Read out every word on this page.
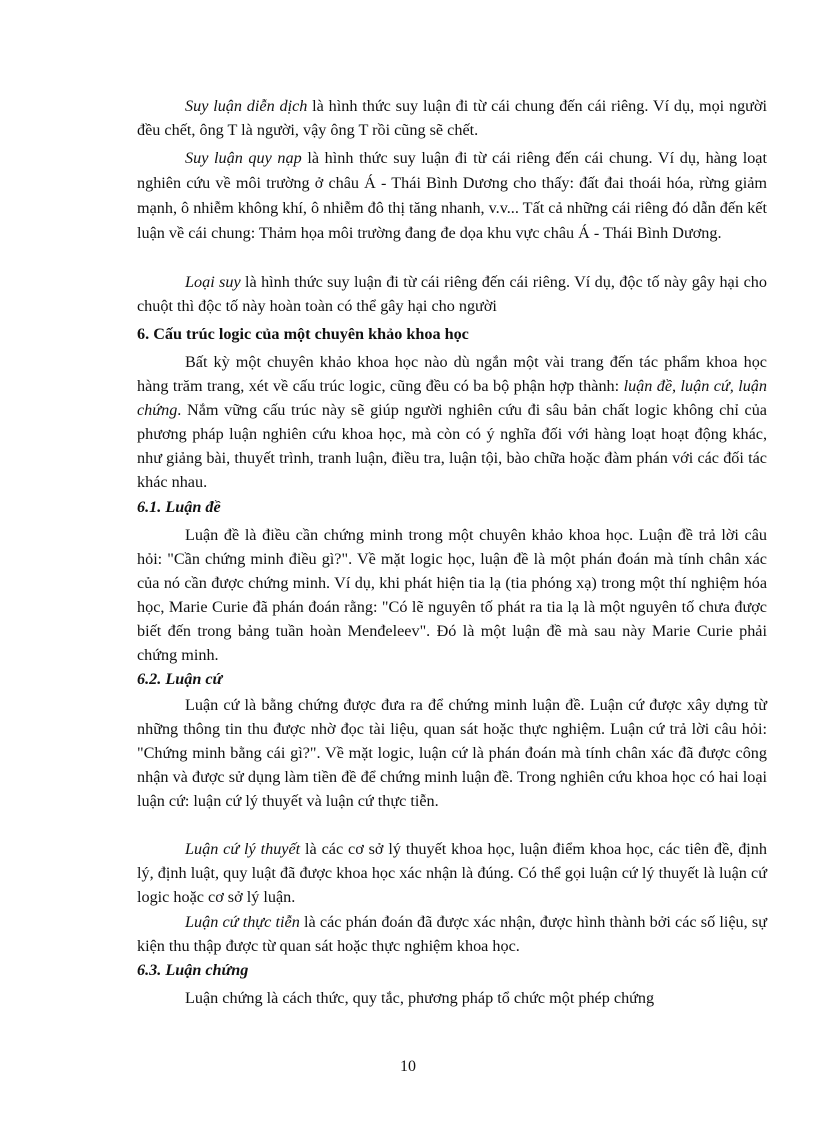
Suy luận diễn dịch là hình thức suy luận đi từ cái chung đến cái riêng. Ví dụ, mọi người đều chết, ông T là người, vậy ông T rồi cũng sẽ chết.

Suy luận quy nạp là hình thức suy luận đi từ cái riêng đến cái chung. Ví dụ, hàng loạt nghiên cứu về môi trường ở châu Á - Thái Bình Dương cho thấy: đất đai thoái hóa, rừng giảm mạnh, ô nhiễm không khí, ô nhiễm đô thị tăng nhanh, v.v... Tất cả những cái riêng đó dẫn đến kết luận về cái chung: Thảm họa môi trường đang đe dọa khu vực châu Á - Thái Bình Dương.

Loại suy là hình thức suy luận đi từ cái riêng đến cái riêng. Ví dụ, độc tố này gây hại cho chuột thì độc tố này hoàn toàn có thể gây hại cho người

6. Cấu trúc logic của một chuyên khảo khoa học

Bất kỳ một chuyên khảo khoa học nào dù ngắn một vài trang đến tác phẩm khoa học hàng trăm trang, xét về cấu trúc logic, cũng đều có ba bộ phận hợp thành: luận đề, luận cứ, luận chứng. Nắm vững cấu trúc này sẽ giúp người nghiên cứu đi sâu bản chất logic không chỉ của phương pháp luận nghiên cứu khoa học, mà còn có ý nghĩa đối với hàng loạt hoạt động khác, như giảng bài, thuyết trình, tranh luận, điều tra, luận tội, bào chữa hoặc đàm phán với các đối tác khác nhau.

6.1. Luận đề

Luận đề là điều cần chứng minh trong một chuyên khảo khoa học. Luận đề trả lời câu hỏi: "Cần chứng minh điều gì?". Về mặt logic học, luận đề là một phán đoán mà tính chân xác của nó cần được chứng minh. Ví dụ, khi phát hiện tia lạ (tia phóng xạ) trong một thí nghiệm hóa học, Marie Curie đã phán đoán rằng: "Có lẽ nguyên tố phát ra tia lạ là một nguyên tố chưa được biết đến trong bảng tuần hoàn Menđeleev". Đó là một luận đề mà sau này Marie Curie phải chứng minh.

6.2. Luận cứ

Luận cứ là bằng chứng được đưa ra để chứng minh luận đề. Luận cứ được xây dựng từ những thông tin thu được nhờ đọc tài liệu, quan sát hoặc thực nghiệm. Luận cứ trả lời câu hỏi: "Chứng minh bằng cái gì?". Về mặt logic, luận cứ là phán đoán mà tính chân xác đã được công nhận và được sử dụng làm tiền đề để chứng minh luận đề. Trong nghiên cứu khoa học có hai loại luận cứ: luận cứ lý thuyết và luận cứ thực tiễn.

Luận cứ lý thuyết là các cơ sở lý thuyết khoa học, luận điểm khoa học, các tiên đề, định lý, định luật, quy luật đã được khoa học xác nhận là đúng. Có thể gọi luận cứ lý thuyết là luận cứ logic hoặc cơ sở lý luận.

Luận cứ thực tiễn là các phán đoán đã được xác nhận, được hình thành bởi các số liệu, sự kiện thu thập được từ quan sát hoặc thực nghiệm khoa học.

6.3. Luận chứng

Luận chứng là cách thức, quy tắc, phương pháp tổ chức một phép chứng

10
